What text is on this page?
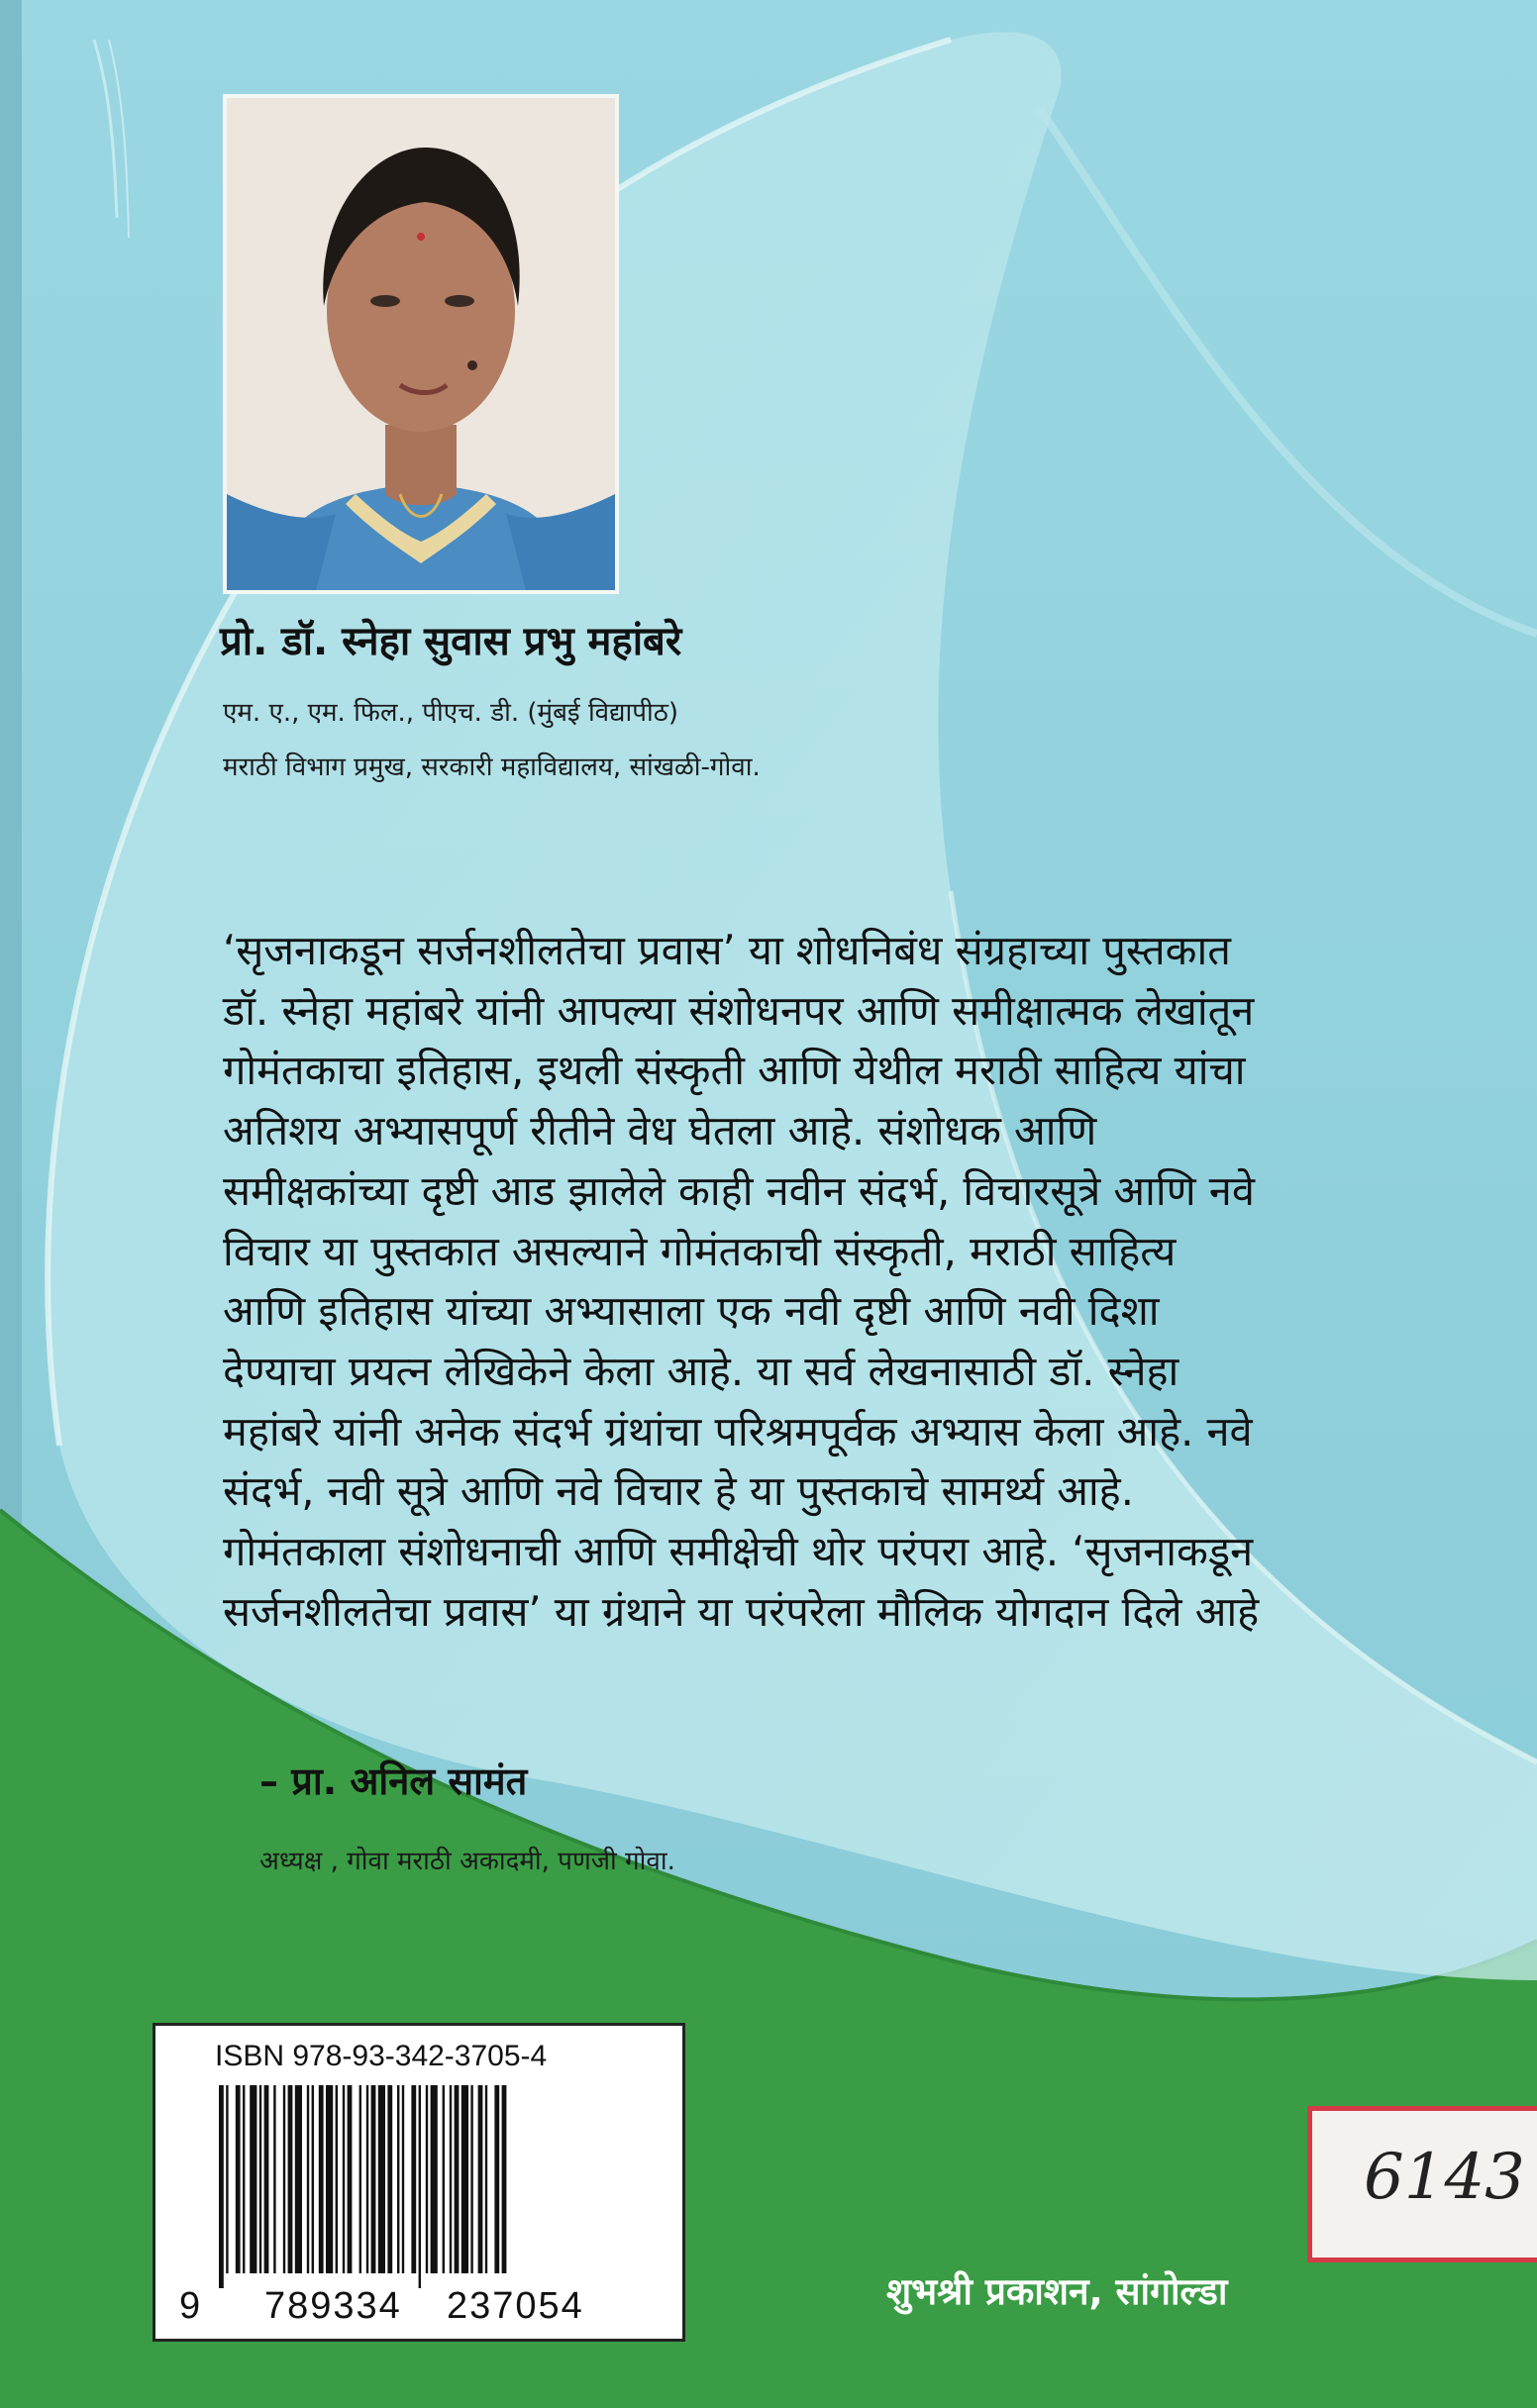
प्रो. डॉ. स्नेहा सुवास प्रभु महांबरे
एम. ए., एम. फिल., पीएच. डी. (मुंबई विद्यापीठ)
मराठी विभाग प्रमुख, सरकारी महाविद्यालय, सांखळी-गोवा.
‘सृजनाकडून सर्जनशीलतेचा प्रवास’ या शोधनिबंध संग्रहाच्या पुस्तकात
डॉ. स्नेहा महांबरे यांनी आपल्या संशोधनपर आणि समीक्षात्मक लेखांतून
गोमंतकाचा इतिहास, इथली संस्कृती आणि येथील मराठी साहित्य यांचा
अतिशय अभ्यासपूर्ण रीतीने वेध घेतला आहे. संशोधक आणि
समीक्षकांच्या दृष्टी आड झालेले काही नवीन संदर्भ, विचारसूत्रे आणि नवे
विचार या पुस्तकात असल्याने गोमंतकाची संस्कृती, मराठी साहित्य
आणि इतिहास यांच्या अभ्यासाला एक नवी दृष्टी आणि नवी दिशा
देण्याचा प्रयत्न लेखिकेने केला आहे. या सर्व लेखनासाठी डॉ. स्नेहा
महांबरे यांनी अनेक संदर्भ ग्रंथांचा परिश्रमपूर्वक अभ्यास केला आहे. नवे
संदर्भ, नवी सूत्रे आणि नवे विचार हे या पुस्तकाचे सामर्थ्य आहे.
गोमंतकाला संशोधनाची आणि समीक्षेची थोर परंपरा आहे. ‘सृजनाकडून
सर्जनशीलतेचा प्रवास’ या ग्रंथाने या परंपरेला मौलिक योगदान दिले आहे
– प्रा. अनिल सामंत
अध्यक्ष , गोवा मराठी अकादमी, पणजी गोवा.
ISBN 978-93-342-3705-4
9 789334 237054	शुभश्री प्रकाशन, सांगोल्डा
6143
